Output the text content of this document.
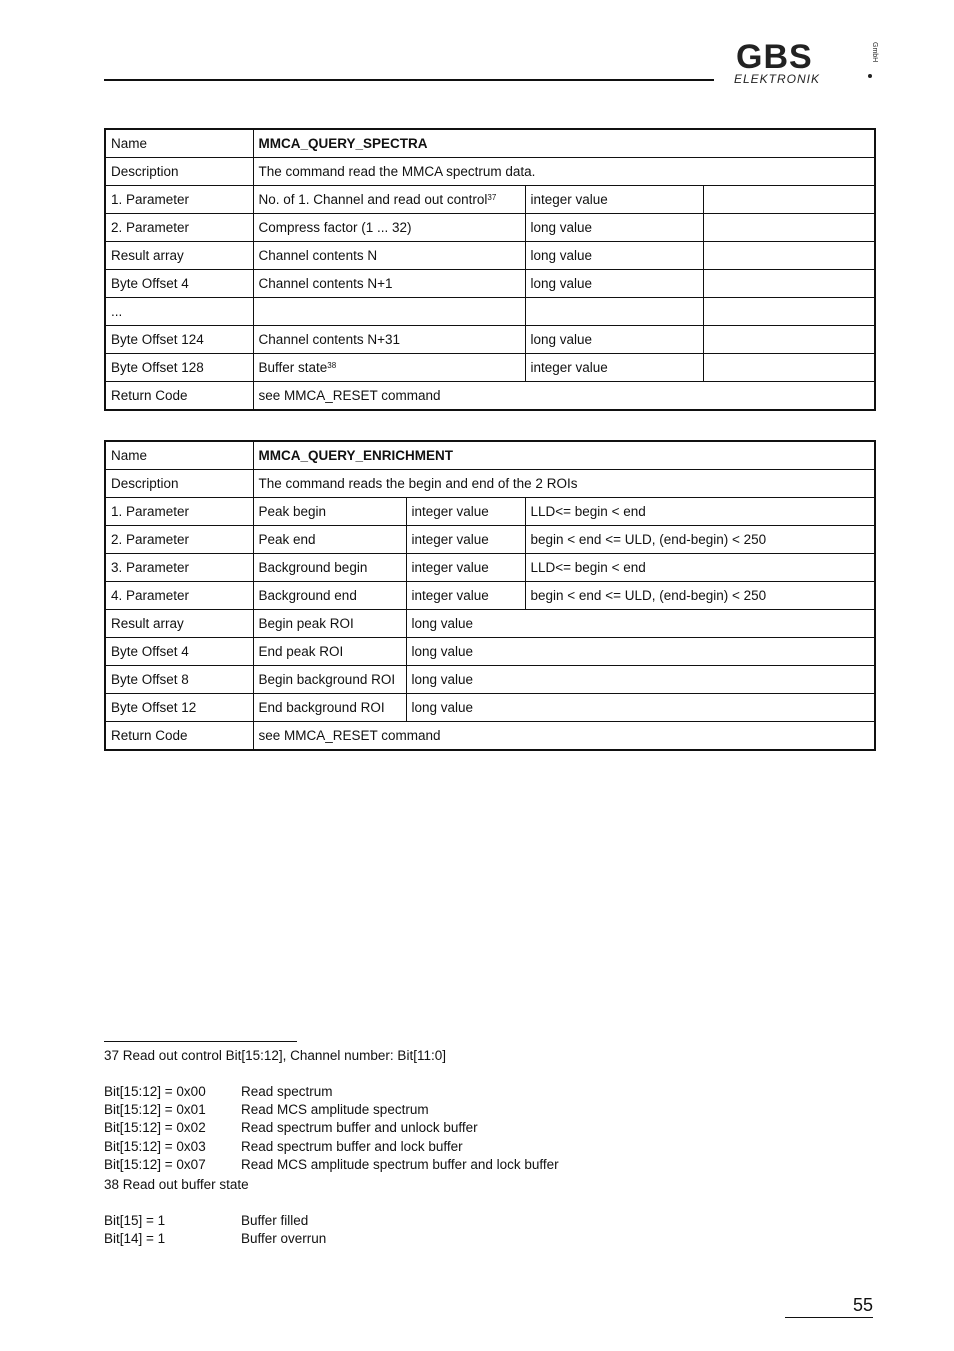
GBS
ELEKTRONIK
GmbH
Name	MMCA_QUERY_SPECTRA		
Description	The command read the MMCA spectrum data.		
1. Parameter	No. of 1. Channel and read out control$^{37}$	integer value	
2. Parameter	Compress factor (1 ... 32)	long value	
Result array	Channel contents N	long value	
Byte Offset 4	Channel contents N+1	long value	
...			
Byte Offset 124	Channel contents N+31	long value	
Byte Offset 128	Buffer state$^{38}$	integer value	
Return Code	see MMCA_RESET command		
Name	MMCA_QUERY_ENRICHMENT		
Description	The command reads the begin and end of the 2 ROIs		
1. Parameter	Peak begin	integer value	LLD<= begin < end
2. Parameter	Peak end	integer value	begin < end <= ULD, (end-begin) < 250
3. Parameter	Background begin	integer value	LLD<= begin < end
4. Parameter	Background end	integer value	begin < end <= ULD, (end-begin) < 250
Result array	Begin peak ROI	long value	
Byte Offset 4	End peak ROI	long value	
Byte Offset 8	Begin background ROI	long value	
Byte Offset 12	End background ROI	long value	
Return Code	see MMCA_RESET command		
37 Read out control Bit[15:12], Channel number: Bit[11:0]
Bit[15:12] = 0x00	Read spectrum
Bit[15:12] = 0x01	Read MCS amplitude spectrum
Bit[15:12] = 0x02	Read spectrum buffer and unlock buffer
Bit[15:12] = 0x03	Read spectrum buffer and lock buffer
Bit[15:12] = 0x07	Read MCS amplitude spectrum buffer and lock buffer
38 Read out buffer state
Bit[15] = 1	Buffer filled
Bit[14] = 1	Buffer overrun
55
